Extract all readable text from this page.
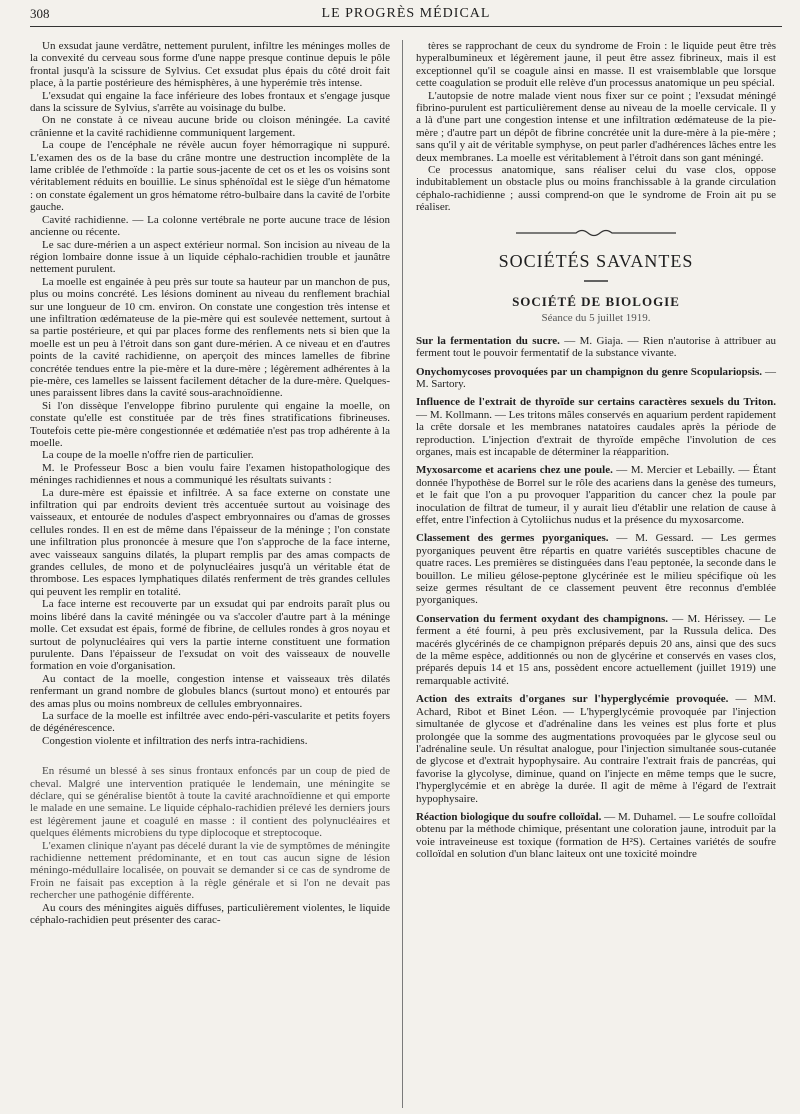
308	LE PROGRÈS MÉDICAL

Un exsudat jaune verdâtre, nettement purulent, infiltre les méninges molles de la convexité du cerveau sous forme d'une nappe presque continue depuis le pôle frontal jusqu'à la scissure de Sylvius. Cet exsudat plus épais du côté droit fait place, à la partie postérieure des hémisphères, à une hyperémie très intense.

L'exsudat qui engaine la face inférieure des lobes frontaux et s'engage jusque dans la scissure de Sylvius, s'arrête au voisinage du bulbe.

On ne constate à ce niveau aucune bride ou cloison méningée. La cavité crânienne et la cavité rachidienne communiquent largement.

La coupe de l'encéphale ne révèle aucun foyer hémorragique ni suppuré. L'examen des os de la base du crâne montre une destruction incomplète de la lame criblée de l'ethmoïde : la partie sous-jacente de cet os et les os voisins sont véritablement réduits en bouillie. Le sinus sphénoïdal est le siège d'un hématome : on constate également un gros hématome rétro-bulbaire dans la cavité de l'orbite gauche.

Cavité rachidienne. — La colonne vertébrale ne porte aucune trace de lésion ancienne ou récente.

Le sac dure-mérien a un aspect extérieur normal. Son incision au niveau de la région lombaire donne issue à un liquide céphalo-rachidien trouble et jaunâtre nettement purulent.

La moelle est engainée à peu près sur toute sa hauteur par un manchon de pus, plus ou moins concrété. Les lésions dominent au niveau du renflement brachial sur une longueur de 10 cm. environ. On constate une congestion très intense et une infiltration œdémateuse de la pie-mère qui est soulevée nettement, surtout à sa partie postérieure, et qui par places forme des renflements nets si bien que la moelle est un peu à l'étroit dans son gant dure-mérien. A ce niveau et en d'autres points de la cavité rachidienne, on aperçoit des minces lamelles de fibrine concrétée tendues entre la pie-mère et la dure-mère ; légèrement adhérentes à la pie-mère, ces lamelles se laissent facilement détacher de la dure-mère. Quelques-unes paraissent libres dans la cavité sous-arachnoïdienne.

Si l'on dissèque l'enveloppe fibrino purulente qui engaine la moelle, on constate qu'elle est constituée par de très fines stratifications fibrineuses. Toutefois cette pie-mère congestionnée et œdématiée n'est pas trop adhérente à la moelle.

La coupe de la moelle n'offre rien de particulier.

M. le Professeur Bosc a bien voulu faire l'examen histopathologique des méninges rachidiennes et nous a communiqué les résultats suivants :

La dure-mère est épaissie et infiltrée. A sa face externe on constate une infiltration qui par endroits devient très accentuée surtout au voisinage des vaisseaux, et entourée de nodules d'aspect embryonnaires ou d'amas de grosses cellules rondes. Il en est de même dans l'épaisseur de la méninge ; l'on constate une infiltration plus prononcée à mesure que l'on s'approche de la face interne, avec vaisseaux sanguins dilatés, la plupart remplis par des amas compacts de grandes cellules, de mono et de polynucléaires jusqu'à un véritable état de thrombose. Les espaces lymphatiques dilatés renferment de très grandes cellules qui peuvent les remplir en totalité.

La face interne est recouverte par un exsudat qui par endroits paraît plus ou moins libéré dans la cavité méningée ou va s'accoler d'autre part à la méninge molle. Cet exsudat est épais, formé de fibrine, de cellules rondes à gros noyau et surtout de polynucléaires qui vers la partie interne constituent une formation purulente. Dans l'épaisseur de l'exsudat on voit des vaisseaux de nouvelle formation en voie d'organisation.

Au contact de la moelle, congestion intense et vaisseaux très dilatés renfermant un grand nombre de globules blancs (surtout mono) et entourés par des amas plus ou moins nombreux de cellules embryonnaires.

La surface de la moelle est infiltrée avec endo-péri-vascularite et petits foyers de dégénérescence.

Congestion violente et infiltration des nerfs intra-rachidiens.

En résumé un blessé à ses sinus frontaux enfoncés par un coup de pied de cheval. Malgré une intervention pratiquée le lendemain, une méningite se déclare, qui se généralise bientôt à toute la cavité arachnoïdienne et qui emporte le malade en une semaine. Le liquide céphalo-rachidien prélevé les derniers jours est légèrement jaune et coagulé en masse : il contient des polynucléaires et quelques éléments microbiens du type diplocoque et streptocoque.

L'examen clinique n'ayant pas décelé durant la vie de symptômes de méningite rachidienne nettement prédominante, et en tout cas aucun signe de lésion méningo-médullaire localisée, on pouvait se demander si ce cas de syndrome de Froin ne faisait pas exception à la règle générale et si l'on ne devait pas rechercher une pathogénie différente.

Au cours des méningites aiguës diffuses, particulièrement violentes, le liquide céphalo-rachidien peut présenter des carac-

tères se rapprochant de ceux du syndrome de Froin : le liquide peut être très hyperalbumineux et légèrement jaune, il peut être assez fibrineux, mais il est exceptionnel qu'il se coagule ainsi en masse. Il est vraisemblable que lorsque cette coagulation se produit elle relève d'un processus anatomique un peu spécial.

L'autopsie de notre malade vient nous fixer sur ce point ; l'exsudat méningé fibrino-purulent est particulièrement dense au niveau de la moelle cervicale. Il y a là d'une part une congestion intense et une infiltration œdémateuse de la pie-mère ; d'autre part un dépôt de fibrine concrétée unit la dure-mère à la pie-mère ; sans qu'il y ait de véritable symphyse, on peut parler d'adhérences lâches entre les deux membranes. La moelle est véritablement à l'étroit dans son gant méningé.

Ce processus anatomique, sans réaliser celui du vase clos, oppose indubitablement un obstacle plus ou moins franchissable à la grande circulation céphalo-rachidienne ; aussi comprend-on que le syndrome de Froin ait pu se réaliser.

SOCIÉTÉS SAVANTES
SOCIÉTÉ DE BIOLOGIE
Séance du 5 juillet 1919.
Sur la fermentation du sucre. — M. Giaja. — Rien n'autorise à attribuer au ferment tout le pouvoir fermentatif de la substance vivante.
Onychomycoses provoquées par un champignon du genre Scopulariopsis. — M. Sartory.
Influence de l'extrait de thyroïde sur certains caractères sexuels du Triton. — M. Kollmann. — Les tritons mâles conservés en aquarium perdent rapidement la crête dorsale et les membranes natatoires caudales après la période de reproduction. L'injection d'extrait de thyroïde empêche l'involution de ces organes, mais est incapable de déterminer la réapparition.
Myxosarcome et acariens chez une poule. — M. Mercier et Lebailly. — Étant donnée l'hypothèse de Borrel sur le rôle des acariens dans la genèse des tumeurs, et le fait que l'on a pu provoquer l'apparition du cancer chez la poule par inoculation de filtrat de tumeur, il y aurait lieu d'établir une relation de cause à effet, entre l'infection à Cytoliichus nudus et la présence du myxosarcome.
Classement des germes pyorganiques. — M. Gessard. — Les germes pyorganiques peuvent être répartis en quatre variétés susceptibles chacune de quatre races. Les premières se distinguées dans l'eau peptonée, la seconde dans le bouillon. Le milieu gélose-peptone glycérinée est le milieu spécifique où les seize germes résultant de ce classement peuvent être reconnus d'emblée pyorganiques.
Conservation du ferment oxydant des champignons. — M. Hérissey. — Le ferment a été fourni, à peu près exclusivement, par la Russula delica. Des macérés glycérinés de ce champignon préparés depuis 20 ans, ainsi que des sucs de la même espèce, additionnés ou non de glycérine et conservés en vases clos, préparés depuis 14 et 15 ans, possèdent encore actuellement (juillet 1919) une remarquable activité.
Action des extraits d'organes sur l'hyperglycémie provoquée. — MM. Achard, Ribot et Binet Léon. — L'hyperglycémie provoquée par l'injection simultanée de glycose et d'adrénaline dans les veines est plus forte et plus prolongée que la somme des augmentations provoquées par le glycose seul ou l'adrénaline seule. Un résultat analogue, pour l'injection simultanée sous-cutanée de glycose et d'extrait hypophysaire. Au contraire l'extrait frais de pancréas, qui favorise la glycolyse, diminue, quand on l'injecte en même temps que le sucre, l'hyperglycémie et en abrège la durée. Il agit de même à l'égard de l'extrait hypophysaire.
Réaction biologique du soufre colloïdal. — M. Duhamel. — Le soufre colloïdal obtenu par la méthode chimique, présentant une coloration jaune, introduit par la voie intraveineuse est toxique (formation de H²S). Certaines variétés de soufre colloïdal en solution d'un blanc laiteux ont une toxicité moindre
